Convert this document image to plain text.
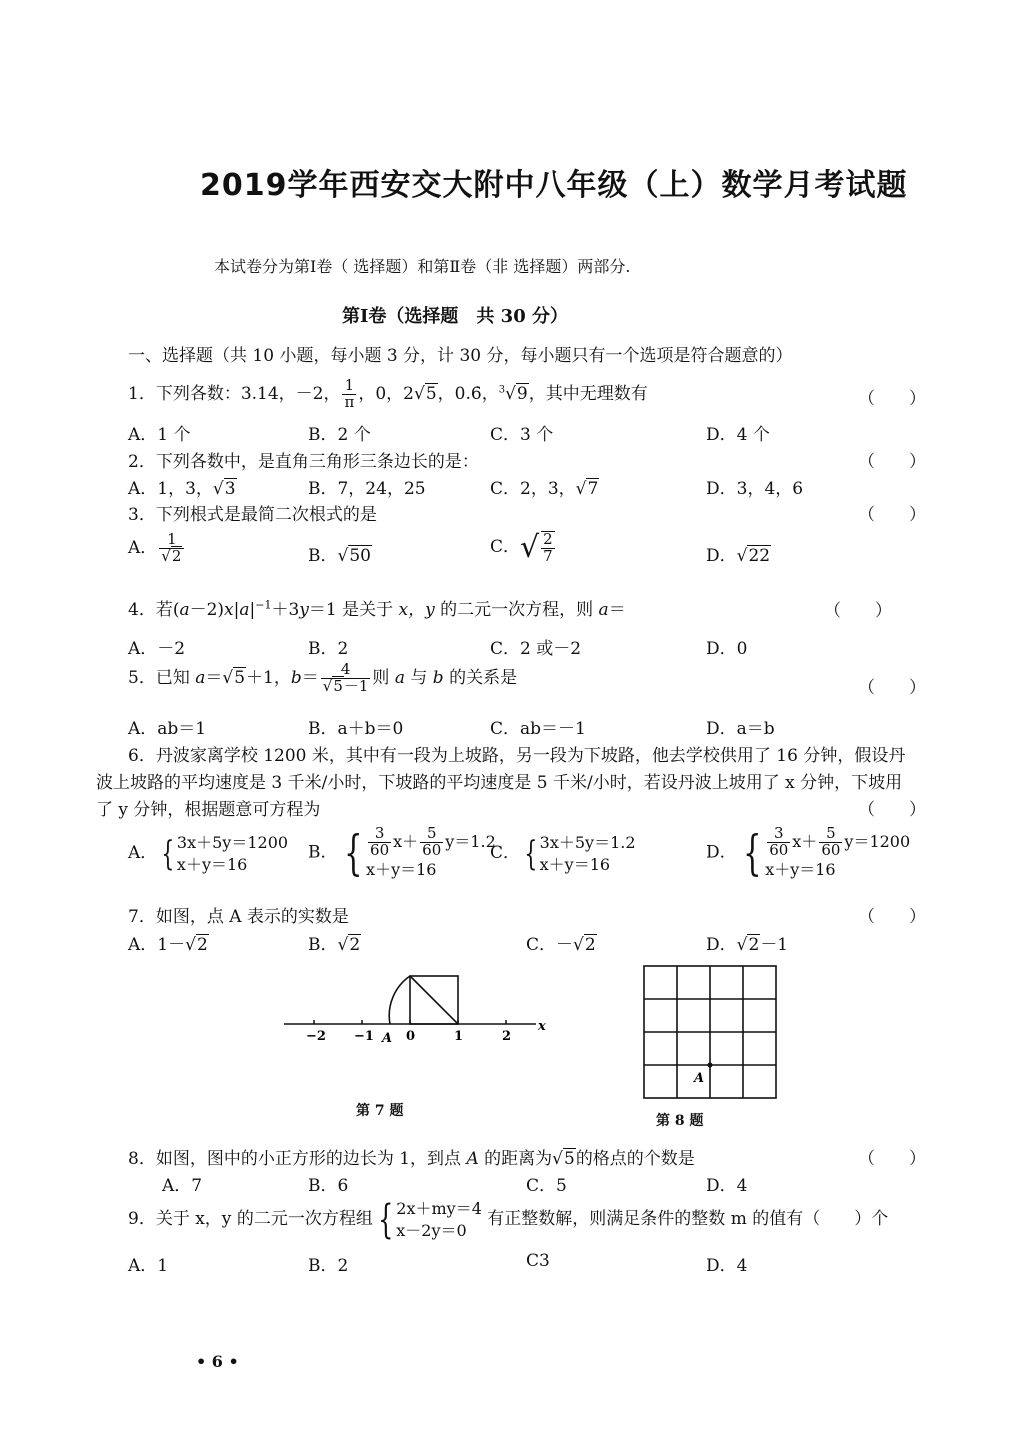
2019学年西安交大附中八年级（上）数学月考试题
本试卷分为第Ⅰ卷（ 选择题）和第Ⅱ卷（非 选择题）两部分.
第Ⅰ卷（选择题　共 30 分）
一、选择题（共 10 小题，每小题 3 分，计 30 分，每小题只有一个选项是符合题意的）
1．下列各数：3.14，－2， $\frac{1}{\pi}$ ，0，2√5，0.6̇，$^3$√9，其中无理数有	（　　）
A．1 个	B．2 个	C．3 个	D．4 个
2．下列各数中，是直角三角形三条边长的是：	（　　）
A．1，3，√3	B．7，24，25	C．2，3，√7	D．3，4，6
3．下列根式是最简二次根式的是	（　　）
A． $\frac{1}{√2}$	B．√50	C．√ $\frac{2}{7}$	D．√22
4．若$(a-2)x|a|^{-1}+3y=1$ 是关于 x，y 的二元一次方程，则 a＝	（　　）
A．－2	B．2	C．2 或－2	D．0
5．已知 a＝√5＋1，$b= \frac{4}{√5-1}$ 则 a 与 b 的关系是
（　　）
A．ab＝1	B．a＋b＝0	C．ab＝－1	D．a＝b
6．丹波家离学校 1200 米，其中有一段为上坡路，另一段为下坡路，他去学校供用了 16 分钟，假设丹
波上坡路的平均速度是 3 千米/小时，下坡路的平均速度是 5 千米/小时，若设丹波上坡用了 x 分钟，下坡用
了 y 分钟，根据题意可方程为	（　　）
A． { 3x＋5y＝1200
x＋y＝16
B． { $\frac{3}{60} x+ \frac{5}{60} y=1.2$
x＋y＝16
C． { 3x＋5y＝1.2
x＋y＝16
D． { $\frac{3}{60} x+ \frac{5}{60} y=1200$
x＋y＝16
7．如图，点 A 表示的实数是	（　　）
A．1－√2	B．√2	C．－√2	D．√2－1
−2 −1 0	1	2
x
A
第 7 题
A
第 8 题
8．如图，图中的小正方形的边长为 1，到点 A 的距离为√5的格点的个数是	（　　）
A．7	B．6	C．5	D．4
9．关于 x，y 的二元一次方程组 { 2x＋my＝4
x－2y＝0
有正整数解，则满足条件的整数 m 的值有（　　）个
A．1	B．2	C3	D．4
• 6 •
